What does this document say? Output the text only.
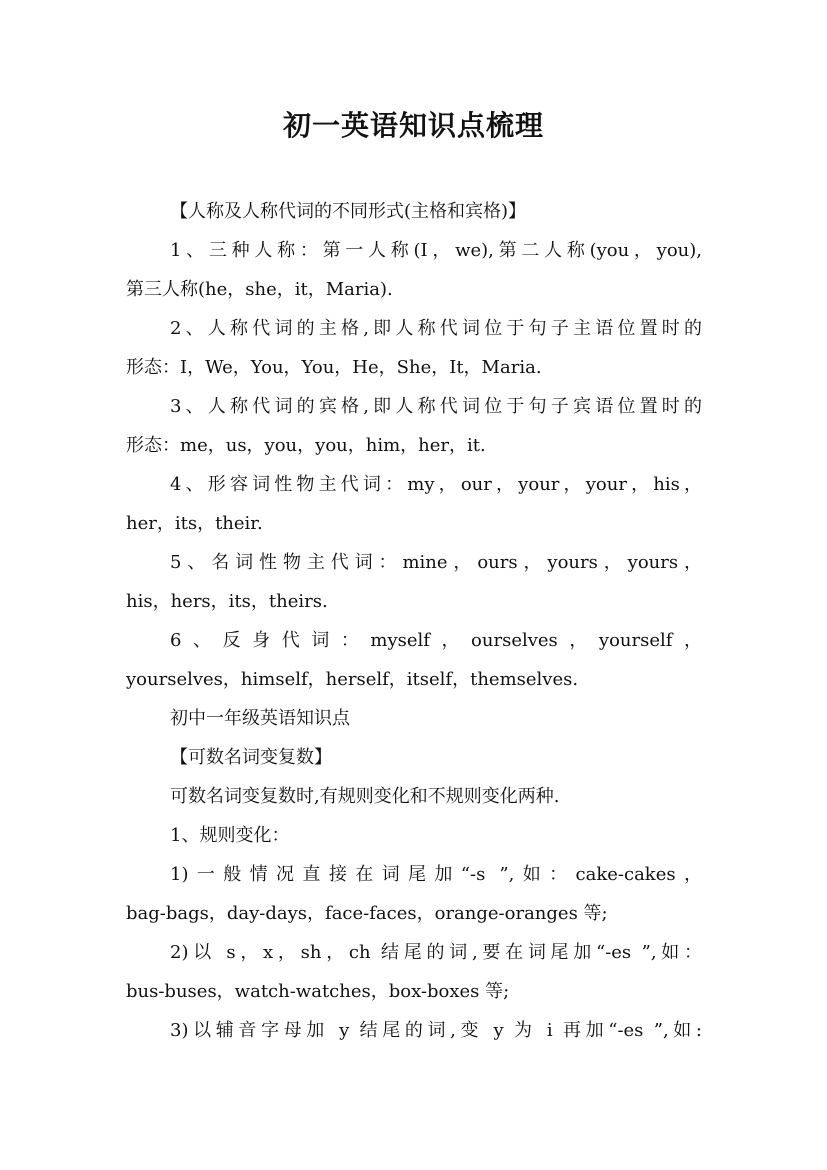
初一英语知识点梳理
【人称及人称代词的不同形式(主格和宾格)】
1、三种人称：第一人称(I，we),第二人称(you，you),
第三人称(he，she，it，Maria).
2、人称代词的主格,即人称代词位于句子主语位置时的
形态：I，We，You，You，He，She，It，Maria.
3、人称代词的宾格,即人称代词位于句子宾语位置时的
形态：me，us，you，you，him，her，it.
4、形容词性物主代词：my，our，your，your，his，
her，its，their.
5、名词性物主代词：mine，ours，yours，yours，
his，hers，its，theirs.
6、反身代词：myself，ourselves，yourself，
yourselves，himself，herself，itself，themselves.
初中一年级英语知识点
【可数名词变复数】
可数名词变复数时,有规则变化和不规则变化两种.
1、规则变化：
1)一般情况直接在词尾加“-s ”,如：cake-cakes，
bag-bags，day-days，face-faces，orange-oranges 等;
2)以 s，x，sh，ch 结尾的词,要在词尾加“-es ”,如：
bus-buses，watch-watches，box-boxes 等;
3)以辅音字母加 y 结尾的词,变 y 为 i 再加“-es ”,如:
